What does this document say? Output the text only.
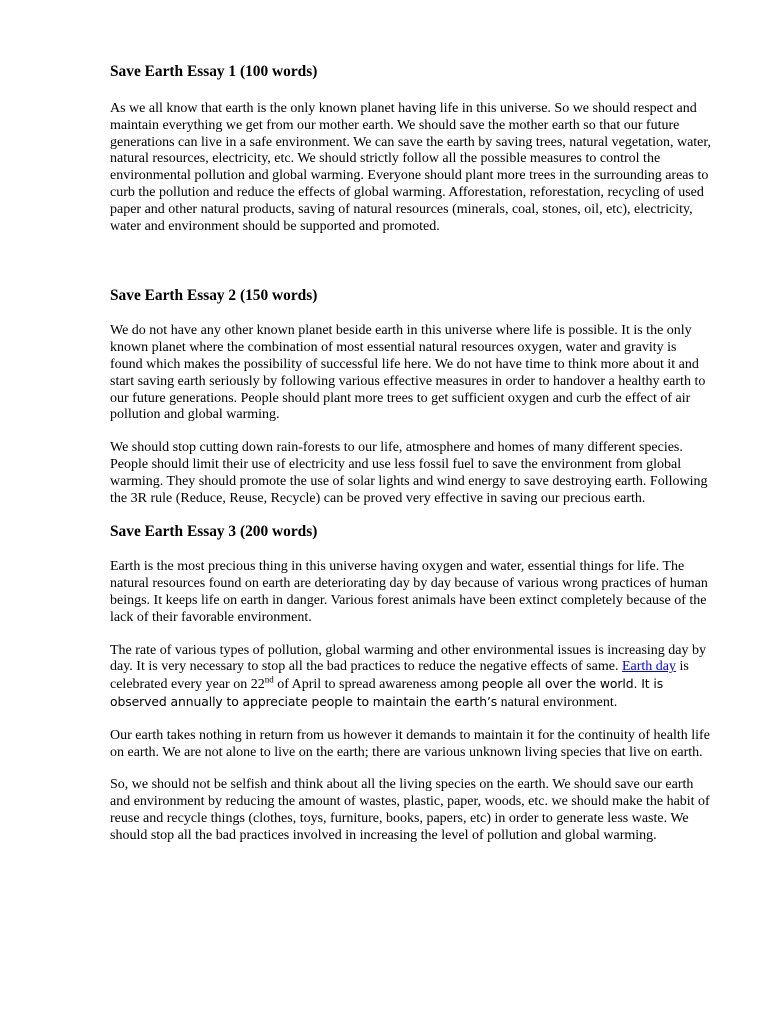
Save Earth Essay 1 (100 words)

As we all know that earth is the only known planet having life in this universe. So we should respect and maintain everything we get from our mother earth. We should save the mother earth so that our future generations can live in a safe environment. We can save the earth by saving trees, natural vegetation, water, natural resources, electricity, etc. We should strictly follow all the possible measures to control the environmental pollution and global warming. Everyone should plant more trees in the surrounding areas to curb the pollution and reduce the effects of global warming. Afforestation, reforestation, recycling of used paper and other natural products, saving of natural resources (minerals, coal, stones, oil, etc), electricity, water and environment should be supported and promoted.

Save Earth Essay 2 (150 words)

We do not have any other known planet beside earth in this universe where life is possible. It is the only known planet where the combination of most essential natural resources oxygen, water and gravity is found which makes the possibility of successful life here. We do not have time to think more about it and start saving earth seriously by following various effective measures in order to handover a healthy earth to our future generations. People should plant more trees to get sufficient oxygen and curb the effect of air pollution and global warming.

We should stop cutting down rain-forests to our life, atmosphere and homes of many different species. People should limit their use of electricity and use less fossil fuel to save the environment from global warming. They should promote the use of solar lights and wind energy to save destroying earth. Following the 3R rule (Reduce, Reuse, Recycle) can be proved very effective in saving our precious earth.

Save Earth Essay 3 (200 words)

Earth is the most precious thing in this universe having oxygen and water, essential things for life. The natural resources found on earth are deteriorating day by day because of various wrong practices of human beings. It keeps life on earth in danger. Various forest animals have been extinct completely because of the lack of their favorable environment.

The rate of various types of pollution, global warming and other environmental issues is increasing day by day. It is very necessary to stop all the bad practices to reduce the negative effects of same. Earth day is celebrated every year on 22nd of April to spread awareness among people all over the world. It is observed annually to appreciate people to maintain the earth’s natural environment.

Our earth takes nothing in return from us however it demands to maintain it for the continuity of health life on earth. We are not alone to live on the earth; there are various unknown living species that live on earth.

So, we should not be selfish and think about all the living species on the earth. We should save our earth and environment by reducing the amount of wastes, plastic, paper, woods, etc. we should make the habit of reuse and recycle things (clothes, toys, furniture, books, papers, etc) in order to generate less waste. We should stop all the bad practices involved in increasing the level of pollution and global warming.
